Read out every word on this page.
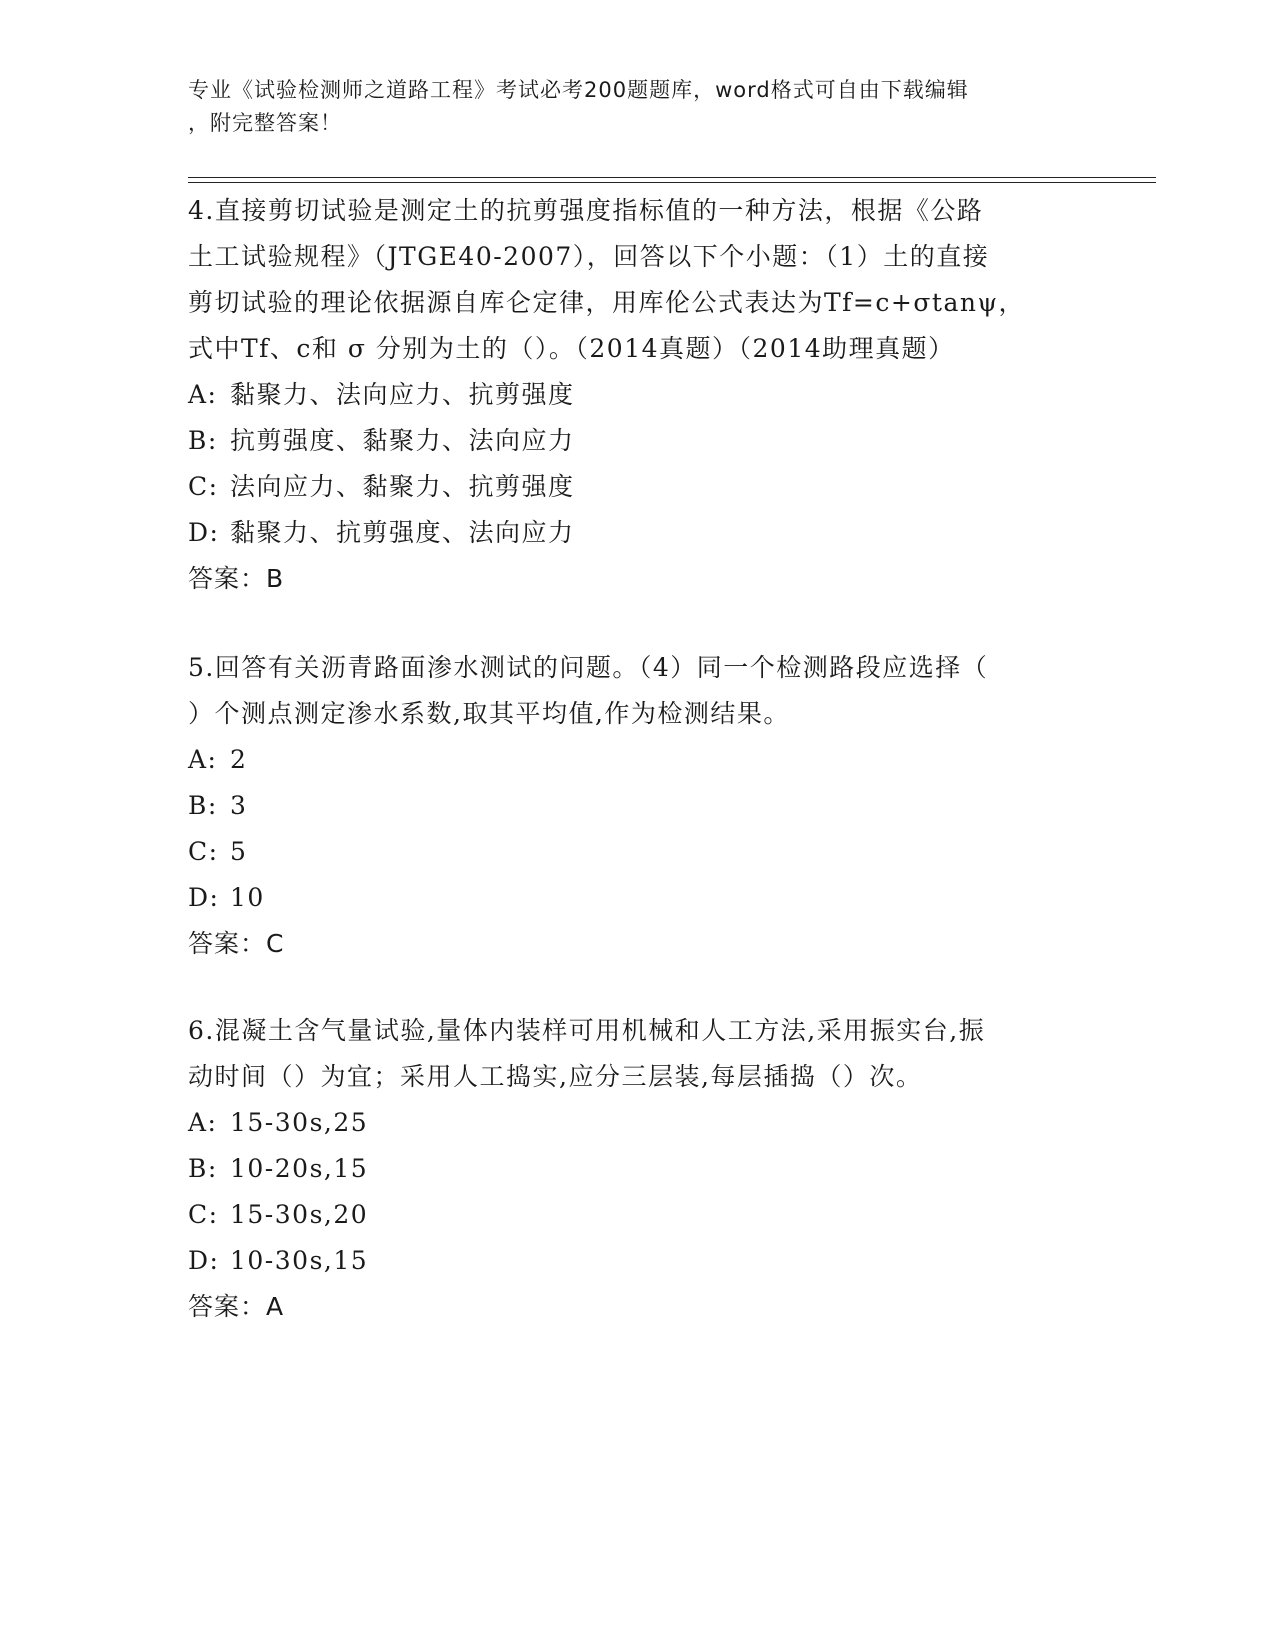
专业《试验检测师之道路工程》考试必考200题题库，word格式可自由下载编辑
，附完整答案！
4.直接剪切试验是测定土的抗剪强度指标值的一种方法，根据《公路
土工试验规程》（JTGE40-2007），回答以下个小题：（1）土的直接
剪切试验的理论依据源自库仑定律，用库伦公式表达为Tf=c+σtanψ，
式中Tf、c和 σ 分别为土的（）。（2014真题）（2014助理真题）
A: 黏聚力、法向应力、抗剪强度
B: 抗剪强度、黏聚力、法向应力
C: 法向应力、黏聚力、抗剪强度
D: 黏聚力、抗剪强度、法向应力
答案：B
5.回答有关沥青路面渗水测试的问题。（4）同一个检测路段应选择（
）个测点测定渗水系数,取其平均值,作为检测结果。
A: 2
B: 3
C: 5
D: 10
答案：C
6.混凝土含气量试验,量体内装样可用机械和人工方法,采用振实台,振
动时间（）为宜；采用人工捣实,应分三层装,每层插捣（）次。
A: 15-30s,25
B: 10-20s,15
C: 15-30s,20
D: 10-30s,15
答案：A
